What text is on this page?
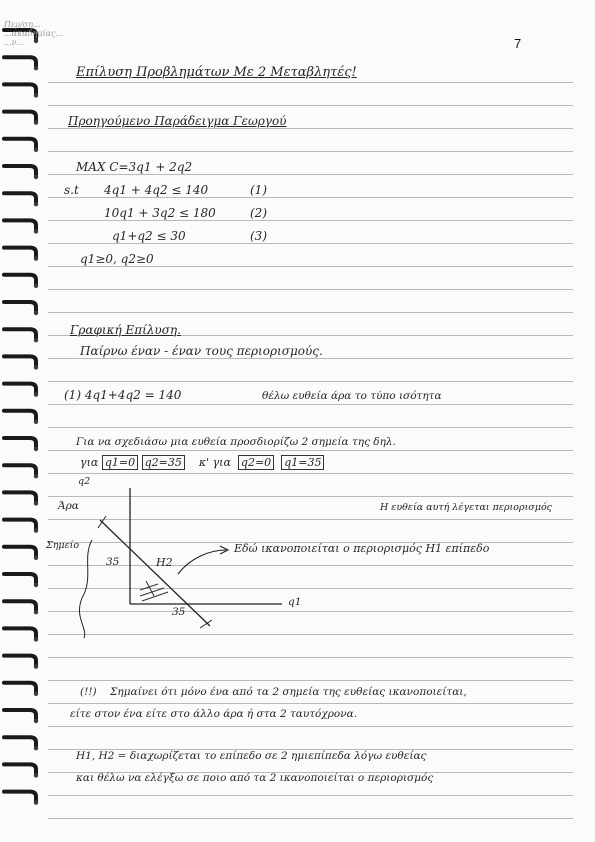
Περ/ση...
...ακαδημίας...
...ν...	7
Επίλυση Προβλημάτων Με 2 Μεταβλητές!
Προηγούμενο Παράδειγμα Γεωργού
MAX C=3q1 + 2q2
s.t 4q1 + 4q2 ≤ 140	(1)
10q1 + 3q2 ≤ 180	(2)
q1+q2 ≤ 30	(3)
q1≥0, q2≥0
Γραφική Επίλυση.
Παίρνω έναν - έναν τους περιορισμούς.
(1) 4q1+4q2 = 140	θέλω ευθεία άρα το τύπο ισότητα
Για να σχεδιάσω μια ευθεία προσδιορίζω 2 σημεία της δηλ.
για q1=0 q2=35 κ' για q2=0 q1=35
q2
Άρα
Σημείο
35
35
H2
q1
Η ευθεία αυτή λέγεται περιορισμός
Εδώ ικανοποιείται ο περιορισμός H1 επίπεδο
(!!) Σημαίνει ότι μόνο ένα από τα 2 σημεία της ευθείας ικανοποιείται,
είτε στον ένα είτε στο άλλο άρα ή στα 2 ταυτόχρονα.
H1, H2 = διαχωρίζεται το επίπεδο σε 2 ημιεπίπεδα λόγω ευθείας
και θέλω να ελέγξω σε ποιο από τα 2 ικανοποιείται ο περιορισμός
